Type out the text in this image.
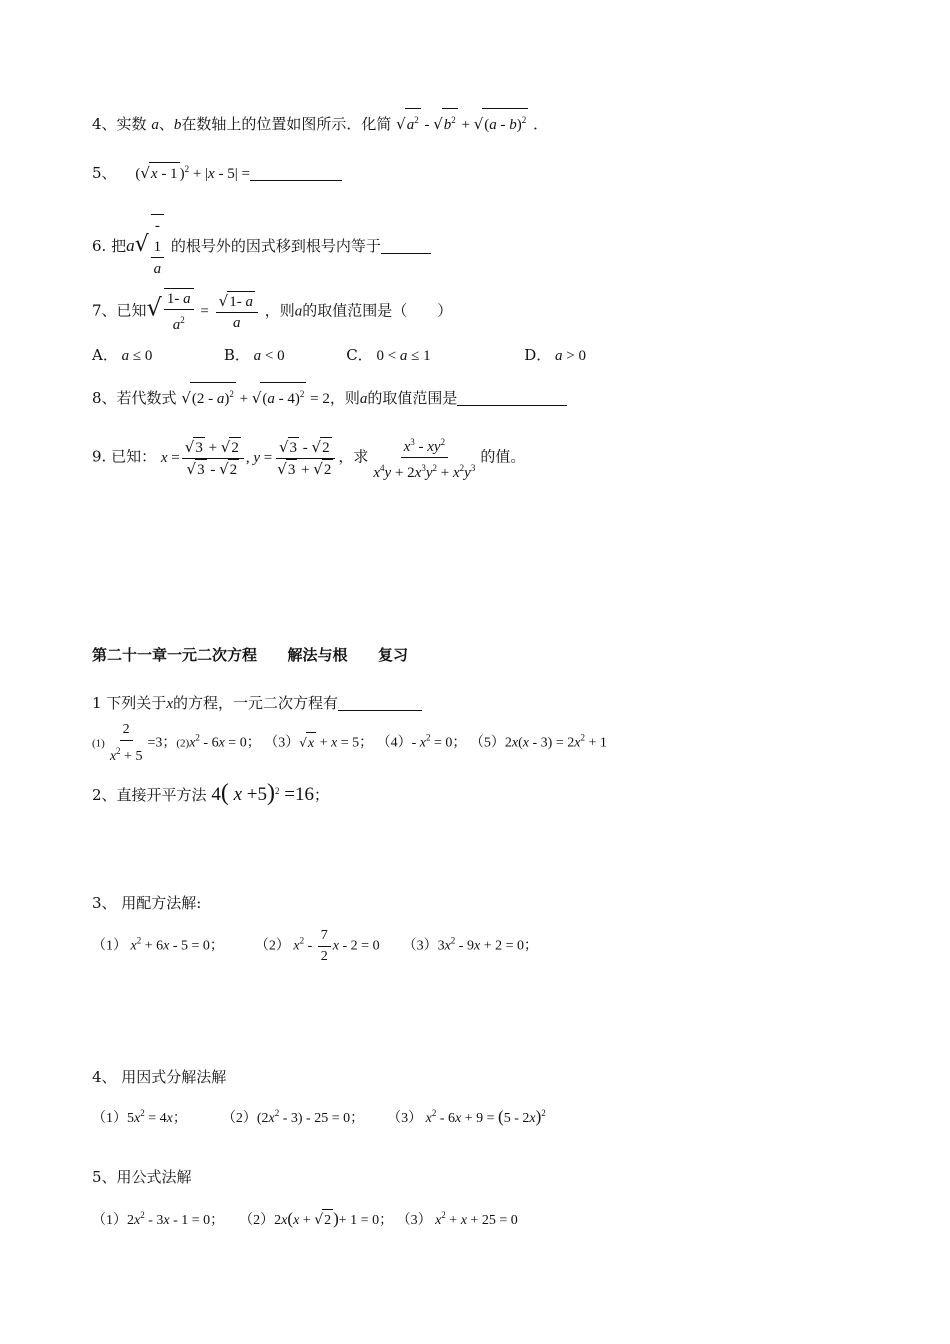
4、实数 a、b在数轴上的位置如图所示．化简 $√a^2 - √b^2 + √(a - b)^2$ ．
5、 (√x - 1 )$^2$ + |x - 5| =
6. 把a√-
1
a
的根号外的因式移到根号内等于
7、已知√ $\frac{1- a}{a^2} = \frac{√1- a}{a}$ ，则a的取值范围是（　　）
A． a ≤ 0	B． a < 0	C． 0 < a ≤ 1	D． a > 0
8、若代数式 √(2 - a)$^2$ + √(a - 4)$^2$ = 2，则a的取值范围是
9. 已知： $x = \frac{√3 + √2}{√3 - √2}$ , $y = \frac{√3 - √2}{√3 + √2}$ ，求 $\frac{x^3 - xy^2}{x^4y + 2x^3y^2 + x^2y^3}$ 的值。
第二十一章一元二次方程 解法与根 复习
1 下列关于x的方程，一元二次方程有
$(1) \frac{2}{x^2 + 5} =3$；$(2)x^2 - 6x = 0$； （3）√x + x = 5； （4）- $x^2 = 0$； $(5)2x(x - 3) = 2x^2 + 1$
2、直接开平方法 4( x +5)$^2$ =16；
3、 用配方法解:
（1） $x^2 + 6x - 5 = 0$；  （2） $x^2 - \frac{7}{2}$ x - 2 = 0  $(3)3x^2 - 9x + 2 = 0$；
4、 用因式分解法解
$(1)5x^2 = 4x$；  $(2)(2x^2 - 3) - 25 = 0$；  （3） $x^2 - 6x + 9 = (5 - 2x)^2$
5、用公式法解
$(1)2x^2 - 3x - 1 = 0$；  （2）2x(x + √2 )+ 1 = 0； （3） $x^2 + x + 25 = 0$
